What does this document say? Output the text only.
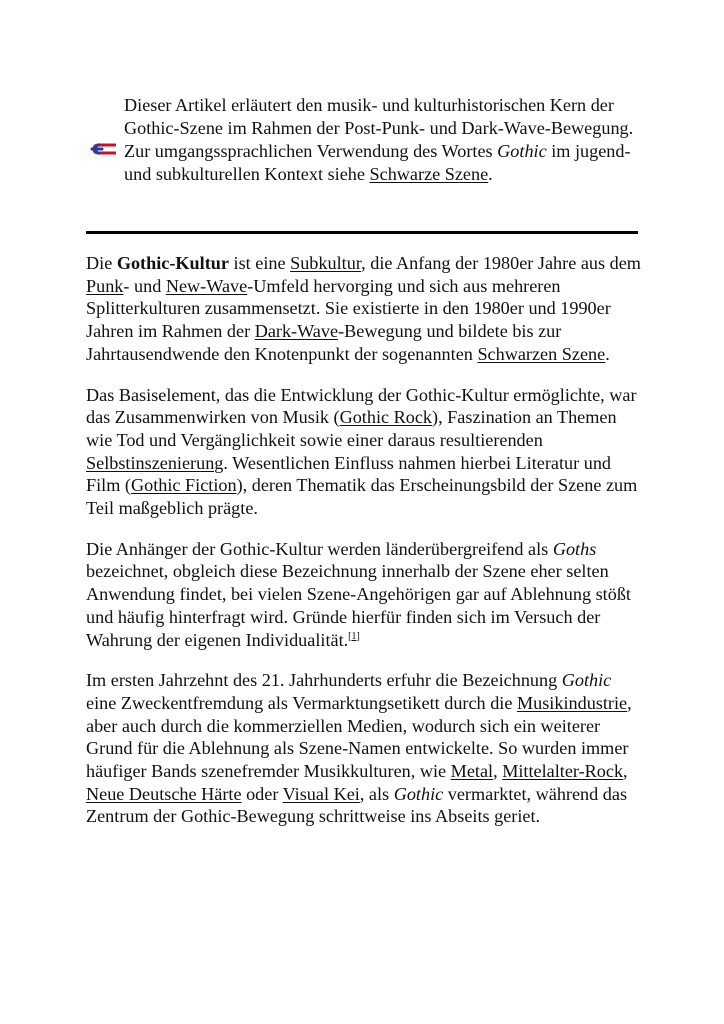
Dieser Artikel erläutert den musik- und kulturhistorischen Kern der Gothic-Szene im Rahmen der Post-Punk- und Dark-Wave-Bewegung. Zur umgangssprachlichen Verwendung des Wortes Gothic im jugend- und subkulturellen Kontext siehe Schwarze Szene.

Die Gothic-Kultur ist eine Subkultur, die Anfang der 1980er Jahre aus dem Punk- und New-Wave-Umfeld hervorging und sich aus mehreren Splitterkulturen zusammensetzt. Sie existierte in den 1980er und 1990er Jahren im Rahmen der Dark-Wave-Bewegung und bildete bis zur Jahrtausendwende den Knotenpunkt der sogenannten Schwarzen Szene.

Das Basiselement, das die Entwicklung der Gothic-Kultur ermöglichte, war das Zusammenwirken von Musik (Gothic Rock), Faszination an Themen wie Tod und Vergänglichkeit sowie einer daraus resultierenden Selbstinszenierung. Wesentlichen Einfluss nahmen hierbei Literatur und Film (Gothic Fiction), deren Thematik das Erscheinungsbild der Szene zum Teil maßgeblich prägte.

Die Anhänger der Gothic-Kultur werden länderübergreifend als Goths bezeichnet, obgleich diese Bezeichnung innerhalb der Szene eher selten Anwendung findet, bei vielen Szene-Angehörigen gar auf Ablehnung stößt und häufig hinterfragt wird. Gründe hierfür finden sich im Versuch der Wahrung der eigenen Individualität.[1]

Im ersten Jahrzehnt des 21. Jahrhunderts erfuhr die Bezeichnung Gothic eine Zweckentfremdung als Vermarktungsetikett durch die Musikindustrie, aber auch durch die kommerziellen Medien, wodurch sich ein weiterer Grund für die Ablehnung als Szene-Namen entwickelte. So wurden immer häufiger Bands szenefremder Musikkulturen, wie Metal, Mittelalter-Rock, Neue Deutsche Härte oder Visual Kei, als Gothic vermarktet, während das Zentrum der Gothic-Bewegung schrittweise ins Abseits geriet.
